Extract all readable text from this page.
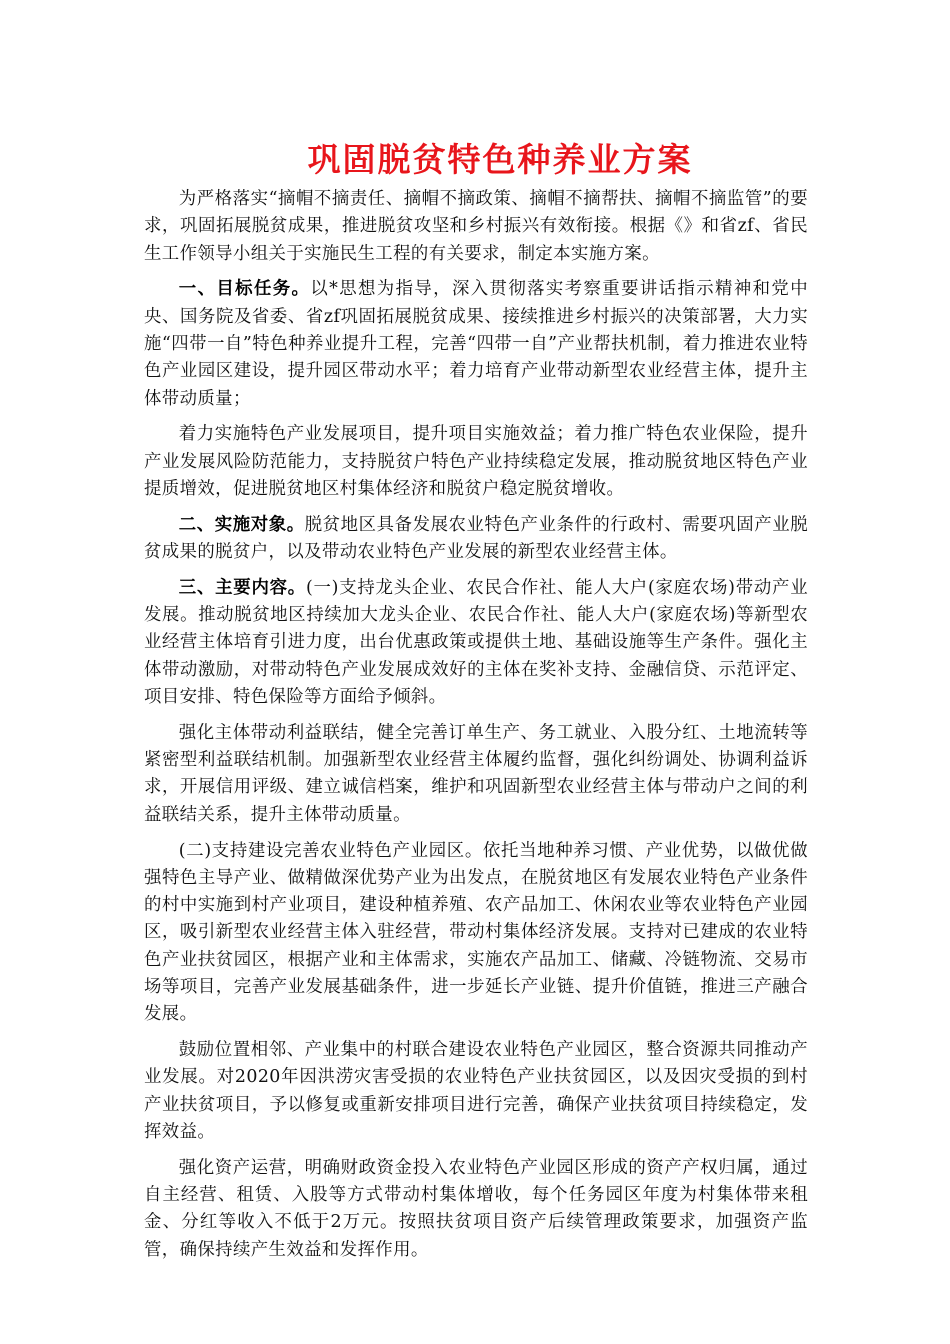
巩固脱贫特色种养业方案

为严格落实“摘帽不摘责任、摘帽不摘政策、摘帽不摘帮扶、摘帽不摘监管”的要求，巩固拓展脱贫成果，推进脱贫攻坚和乡村振兴有效衔接。根据《》和省zf、省民生工作领导小组关于实施民生工程的有关要求，制定本实施方案。

一、目标任务。以*思想为指导，深入贯彻落实考察重要讲话指示精神和党中央、国务院及省委、省zf巩固拓展脱贫成果、接续推进乡村振兴的决策部署，大力实施“四带一自”特色种养业提升工程，完善“四带一自”产业帮扶机制，着力推进农业特色产业园区建设，提升园区带动水平；着力培育产业带动新型农业经营主体，提升主体带动质量；

着力实施特色产业发展项目，提升项目实施效益；着力推广特色农业保险，提升产业发展风险防范能力，支持脱贫户特色产业持续稳定发展，推动脱贫地区特色产业提质增效，促进脱贫地区村集体经济和脱贫户稳定脱贫增收。

二、实施对象。脱贫地区具备发展农业特色产业条件的行政村、需要巩固产业脱贫成果的脱贫户，以及带动农业特色产业发展的新型农业经营主体。

三、主要内容。(一)支持龙头企业、农民合作社、能人大户(家庭农场)带动产业发展。推动脱贫地区持续加大龙头企业、农民合作社、能人大户(家庭农场)等新型农业经营主体培育引进力度，出台优惠政策或提供土地、基础设施等生产条件。强化主体带动激励，对带动特色产业发展成效好的主体在奖补支持、金融信贷、示范评定、项目安排、特色保险等方面给予倾斜。

强化主体带动利益联结，健全完善订单生产、务工就业、入股分红、土地流转等紧密型利益联结机制。加强新型农业经营主体履约监督，强化纠纷调处、协调利益诉求，开展信用评级、建立诚信档案，维护和巩固新型农业经营主体与带动户之间的利益联结关系，提升主体带动质量。

(二)支持建设完善农业特色产业园区。依托当地种养习惯、产业优势，以做优做强特色主导产业、做精做深优势产业为出发点，在脱贫地区有发展农业特色产业条件的村中实施到村产业项目，建设种植养殖、农产品加工、休闲农业等农业特色产业园区，吸引新型农业经营主体入驻经营，带动村集体经济发展。支持对已建成的农业特色产业扶贫园区，根据产业和主体需求，实施农产品加工、储藏、冷链物流、交易市场等项目，完善产业发展基础条件，进一步延长产业链、提升价值链，推进三产融合发展。

鼓励位置相邻、产业集中的村联合建设农业特色产业园区，整合资源共同推动产业发展。对2020年因洪涝灾害受损的农业特色产业扶贫园区，以及因灾受损的到村产业扶贫项目，予以修复或重新安排项目进行完善，确保产业扶贫项目持续稳定，发挥效益。

强化资产运营，明确财政资金投入农业特色产业园区形成的资产产权归属，通过自主经营、租赁、入股等方式带动村集体增收，每个任务园区年度为村集体带来租金、分红等收入不低于2万元。按照扶贫项目资产后续管理政策要求，加强资产监管，确保持续产生效益和发挥作用。
